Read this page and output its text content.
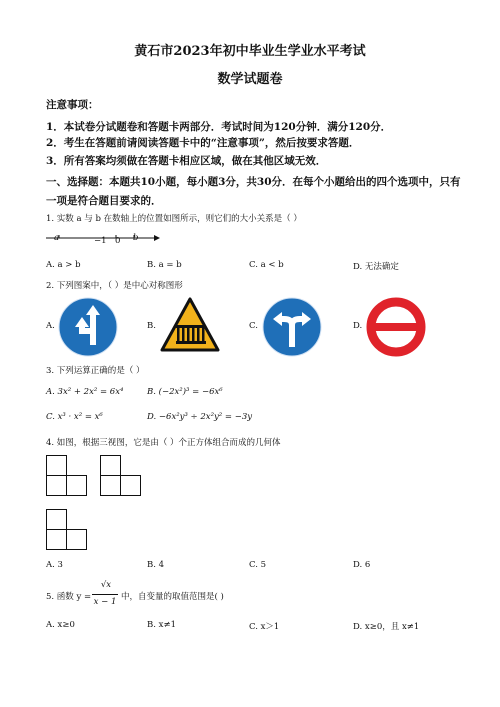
黄石市2023年初中毕业生学业水平考试
数学试题卷
注意事项：
1．本试卷分试题卷和答题卡两部分．考试时间为120分钟．满分120分．
2．考生在答题前请阅读答题卡中的“注意事项”，然后按要求答题．
3．所有答案均须做在答题卡相应区域，做在其他区域无效．
一、选择题：本题共10小题，每小题3分，共30分．在每个小题给出的四个选项中，只有
一项是符合题目要求的．
1. 实数 a 与 b 在数轴上的位置如图所示，则它们的大小关系是（ ）
a	−1 0 b
A. a > b	B. a = b	C. a < b	D. 无法确定
2. 下列图案中，（ ）是中心对称图形
A.	B.	C.	D.
3. 下列运算正确的是（ ）
A. 3x² + 2x² = 6x⁴	B. (−2x²)³ = −6x⁶
C. x³ · x² = x⁶	D. −6x²y³ ÷ 2x²y² = −3y
4. 如图，根据三视图，它是由（ ）个正方体组合而成的几何体
A. 3	B. 4	C. 5	D. 6
5. 函数 y =
√x
x − 1 中，自变量的取值范围是( )
A. x≥0	B. x≠1	C. x＞1	D. x≥0，且 x≠1
